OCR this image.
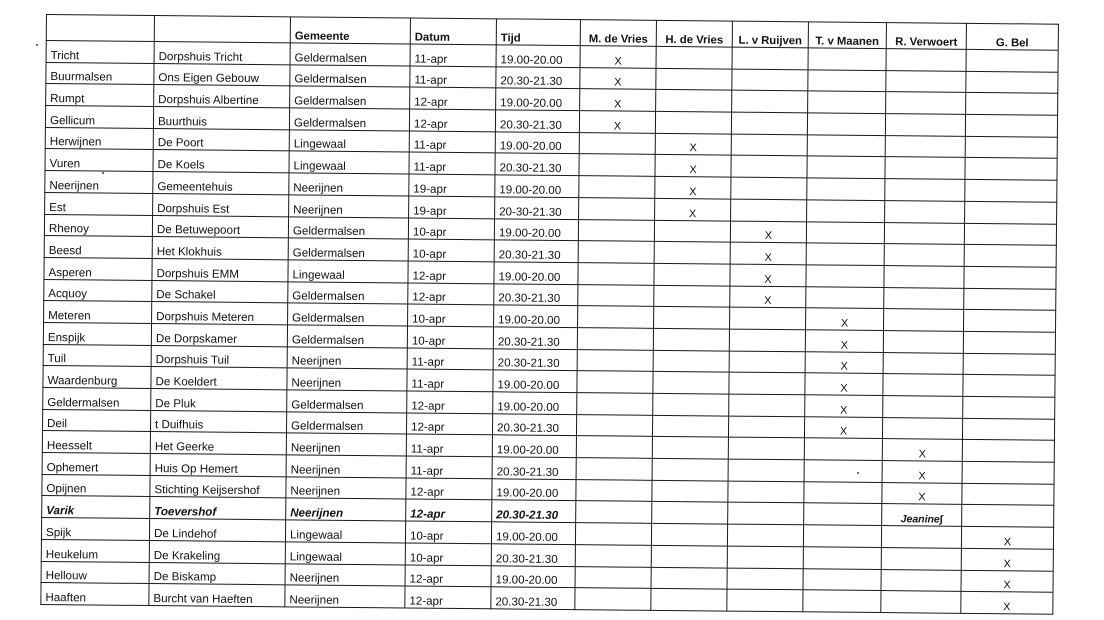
		Gemeente	Datum	Tijd	M. de Vries	H. de Vries	L. v Ruijven	T. v Maanen	R. Verwoert	G. Bel
Tricht	Dorpshuis Tricht	Geldermalsen	11-apr	19.00-20.00	X					
Buurmalsen	Ons Eigen Gebouw	Geldermalsen	11-apr	20.30-21.30	X					
Rumpt	Dorpshuis Albertine	Geldermalsen	12-apr	19.00-20.00	X					
Gellicum	Buurthuis	Geldermalsen	12-apr	20.30-21.30	X					
Herwijnen	De Poort	Lingewaal	11-apr	19.00-20.00		X				
Vuren	De Koels	Lingewaal	11-apr	20.30-21.30		X				
Neerijnen	Gemeentehuis	Neerijnen	19-apr	19.00-20.00		X				
Est	Dorpshuis Est	Neerijnen	19-apr	20-30-21.30		X				
Rhenoy	De Betuwepoort	Geldermalsen	10-apr	19.00-20.00			X			
Beesd	Het Klokhuis	Geldermalsen	10-apr	20.30-21.30			X			
Asperen	Dorpshuis EMM	Lingewaal	12-apr	19.00-20.00			X			
Acquoy	De Schakel	Geldermalsen	12-apr	20.30-21.30			X			
Meteren	Dorpshuis Meteren	Geldermalsen	10-apr	19.00-20.00				X		
Enspijk	De Dorpskamer	Geldermalsen	10-apr	20.30-21.30				X		
Tuil	Dorpshuis Tuil	Neerijnen	11-apr	20.30-21.30				X		
Waardenburg	De Koeldert	Neerijnen	11-apr	19.00-20.00				X		
Geldermalsen	De Pluk	Geldermalsen	12-apr	19.00-20.00				X		
Deil	t Duifhuis	Geldermalsen	12-apr	20.30-21.30				X		
Heesselt	Het Geerke	Neerijnen	11-apr	19.00-20.00					X	
Ophemert	Huis Op Hemert	Neerijnen	11-apr	20.30-21.30					X	
Opijnen	Stichting Keijsershof	Neerijnen	12-apr	19.00-20.00					X	
Varik	Toevershof	Neerijnen	12-apr	20.30-21.30					Jeanine∫	
Spijk	De Lindehof	Lingewaal	10-apr	19.00-20.00						X
Heukelum	De Krakeling	Lingewaal	10-apr	20.30-21.30						X
Hellouw	De Biskamp	Neerijnen	12-apr	19.00-20.00						X
Haaften	Burcht van Haeften	Neerijnen	12-apr	20.30-21.30						X
